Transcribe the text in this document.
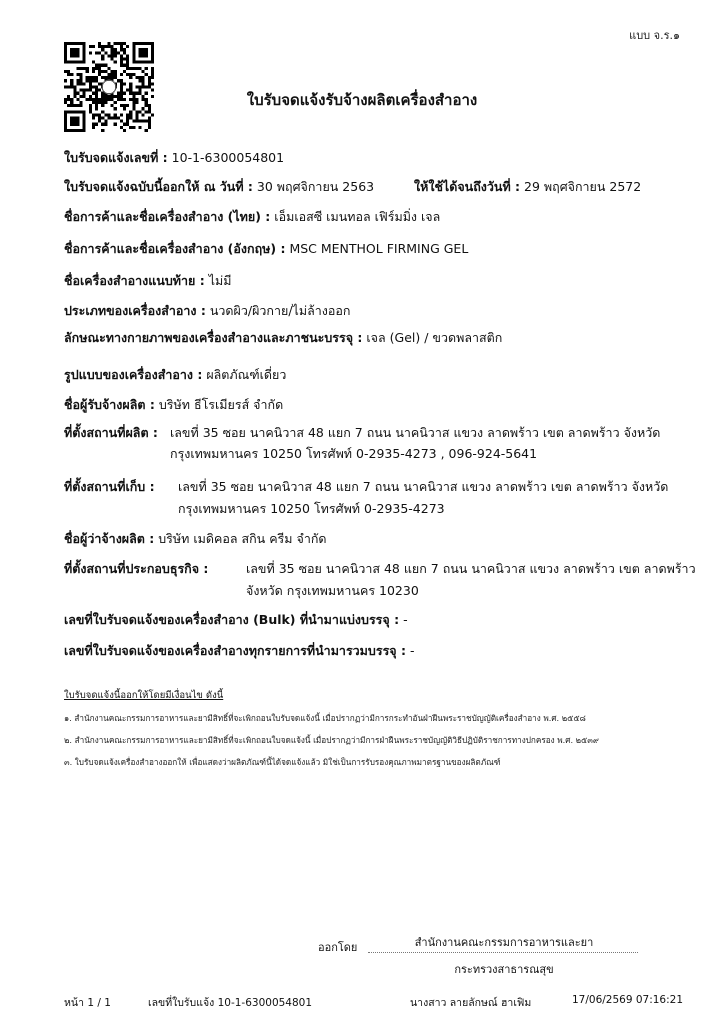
แบบ จ.ร.๑
ใบรับจดแจ้งรับจ้างผลิตเครื่องสำอาง
ใบรับจดแจ้งเลขที่ : 10-1-6300054801
ใบรับจดแจ้งฉบับนี้ออกให้ ณ วันที่ : 30 พฤศจิกายน 2563	ให้ใช้ได้จนถึงวันที่ : 29 พฤศจิกายน 2572
ชื่อการค้าและชื่อเครื่องสำอาง (ไทย) : เอ็มเอสซี เมนทอล เฟิร์มมิ่ง เจล
ชื่อการค้าและชื่อเครื่องสำอาง (อังกฤษ) : MSC MENTHOL FIRMING GEL
ชื่อเครื่องสำอางแนบท้าย : ไม่มี
ประเภทของเครื่องสำอาง : นวดผิว/ผิวกาย/ไม่ล้างออก
ลักษณะทางกายภาพของเครื่องสำอางและภาชนะบรรจุ : เจล (Gel) / ขวดพลาสติก
รูปแบบของเครื่องสำอาง : ผลิตภัณฑ์เดี่ยว
ชื่อผู้รับจ้างผลิต : บริษัท ธีโรเมียรส์ จำกัด
ที่ตั้งสถานที่ผลิต : เลขที่ 35 ซอย นาคนิวาส 48 แยก 7 ถนน นาคนิวาส แขวง ลาดพร้าว เขต ลาดพร้าว จังหวัด
กรุงเทพมหานคร 10250 โทรศัพท์ 0-2935-4273 , 096-924-5641
ที่ตั้งสถานที่เก็บ : เลขที่ 35 ซอย นาคนิวาส 48 แยก 7 ถนน นาคนิวาส แขวง ลาดพร้าว เขต ลาดพร้าว จังหวัด
กรุงเทพมหานคร 10250 โทรศัพท์ 0-2935-4273
ชื่อผู้ว่าจ้างผลิต : บริษัท เมดิคอล สกิน ครีม จำกัด
ที่ตั้งสถานที่ประกอบธุรกิจ :	เลขที่ 35 ซอย นาคนิวาส 48 แยก 7 ถนน นาคนิวาส แขวง ลาดพร้าว เขต ลาดพร้าว
จังหวัด กรุงเทพมหานคร 10230
เลขที่ใบรับจดแจ้งของเครื่องสำอาง (Bulk) ที่นำมาแบ่งบรรจุ : -
เลขที่ใบรับจดแจ้งของเครื่องสำอางทุกรายการที่นำมารวมบรรจุ : -
ใบรับจดแจ้งนี้ออกให้โดยมีเงื่อนไข ดังนี้
๑. สำนักงานคณะกรรมการอาหารและยามีสิทธิ์ที่จะเพิกถอนใบรับจดแจ้งนี้ เมื่อปรากฏว่ามีการกระทำอันฝ่าฝืนพระราชบัญญัติเครื่องสำอาง พ.ศ. ๒๕๕๘
๒. สำนักงานคณะกรรมการอาหารและยามีสิทธิ์ที่จะเพิกถอนใบจดแจ้งนี้ เมื่อปรากฏว่ามีการฝ่าฝืนพระราชบัญญัติวิธีปฏิบัติราชการทางปกครอง พ.ศ. ๒๕๓๙
๓. ใบรับจดแจ้งเครื่องสำอางออกให้ เพื่อแสดงว่าผลิตภัณฑ์นี้ได้จดแจ้งแล้ว มิใช่เป็นการรับรองคุณภาพมาตรฐานของผลิตภัณฑ์
ออกโดย	สำนักงานคณะกรรมการอาหารและยา
กระทรวงสาธารณสุข
หน้า 1 / 1	เลขที่ใบรับแจ้ง 10-1-6300054801	นางสาว ลายลักษณ์ ฮาเฟิม	17/06/2569 07:16:21
